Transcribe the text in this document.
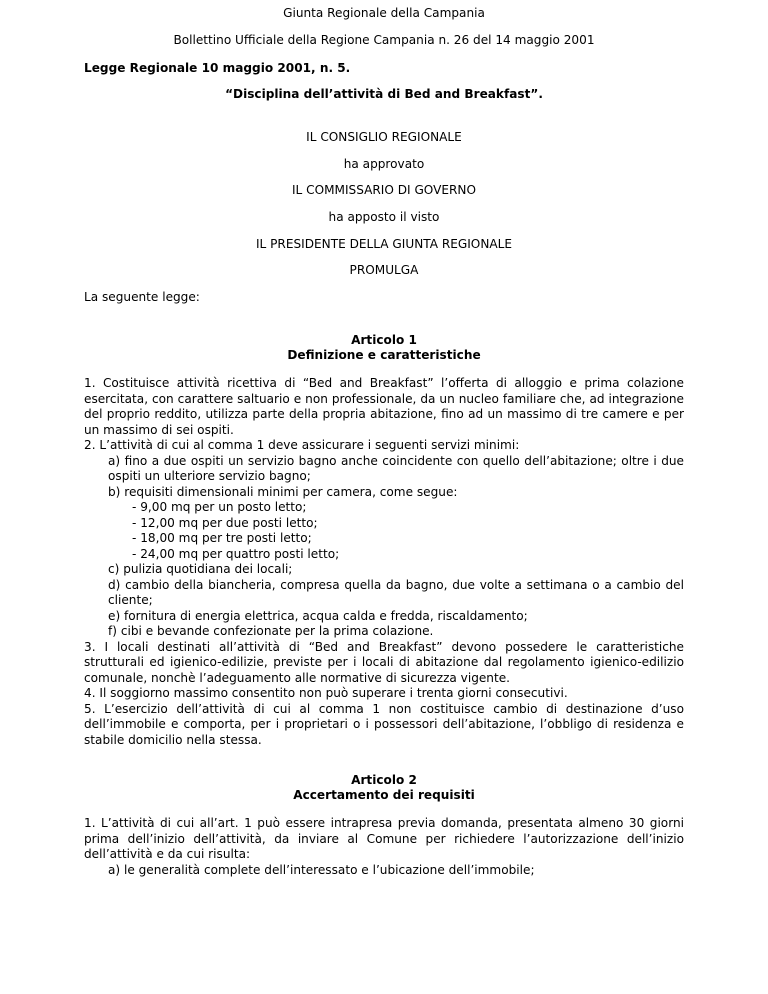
Giunta Regionale della Campania

Bollettino Ufficiale della Regione Campania n. 26 del 14 maggio 2001

Legge Regionale 10 maggio 2001, n. 5.

“Disciplina dell’attività di Bed and Breakfast”.

IL CONSIGLIO REGIONALE

ha approvato

IL COMMISSARIO DI GOVERNO

ha apposto il visto

IL PRESIDENTE DELLA GIUNTA REGIONALE

PROMULGA

La seguente legge:

Articolo 1

Definizione e caratteristiche

1. Costituisce attività ricettiva di “Bed and Breakfast” l’offerta di alloggio e prima colazione esercitata, con carattere saltuario e non professionale, da un nucleo familiare che, ad integrazione del proprio reddito, utilizza parte della propria abitazione, fino ad un massimo di tre camere e per un massimo di sei ospiti.

2. L’attività di cui al comma 1 deve assicurare i seguenti servizi minimi:

a) fino a due ospiti un servizio bagno anche coincidente con quello dell’abitazione; oltre i due ospiti un ulteriore servizio bagno;

b) requisiti dimensionali minimi per camera, come segue:

- 9,00 mq per un posto letto;

- 12,00 mq per due posti letto;

- 18,00 mq per tre posti letto;

- 24,00 mq per quattro posti letto;

c) pulizia quotidiana dei locali;

d) cambio della biancheria, compresa quella da bagno, due volte a settimana o a cambio del cliente;

e) fornitura di energia elettrica, acqua calda e fredda, riscaldamento;

f) cibi e bevande confezionate per la prima colazione.

3. I locali destinati all’attività di “Bed and Breakfast” devono possedere le caratteristiche strutturali ed igienico-edilizie, previste per i locali di abitazione dal regolamento igienico-edilizio comunale, nonchè l’adeguamento alle normative di sicurezza vigente.

4. Il soggiorno massimo consentito non può superare i trenta giorni consecutivi.

5. L’esercizio dell’attività di cui al comma 1 non costituisce cambio di destinazione d’uso dell’immobile e comporta, per i proprietari o i possessori dell’abitazione, l’obbligo di residenza e stabile domicilio nella stessa.

Articolo 2

Accertamento dei requisiti

1. L’attività di cui all’art. 1 può essere intrapresa previa domanda, presentata almeno 30 giorni prima dell’inizio dell’attività, da inviare al Comune per richiedere l’autorizzazione dell’inizio dell’attività e da cui risulta:

a) le generalità complete dell’interessato e l’ubicazione dell’immobile;
